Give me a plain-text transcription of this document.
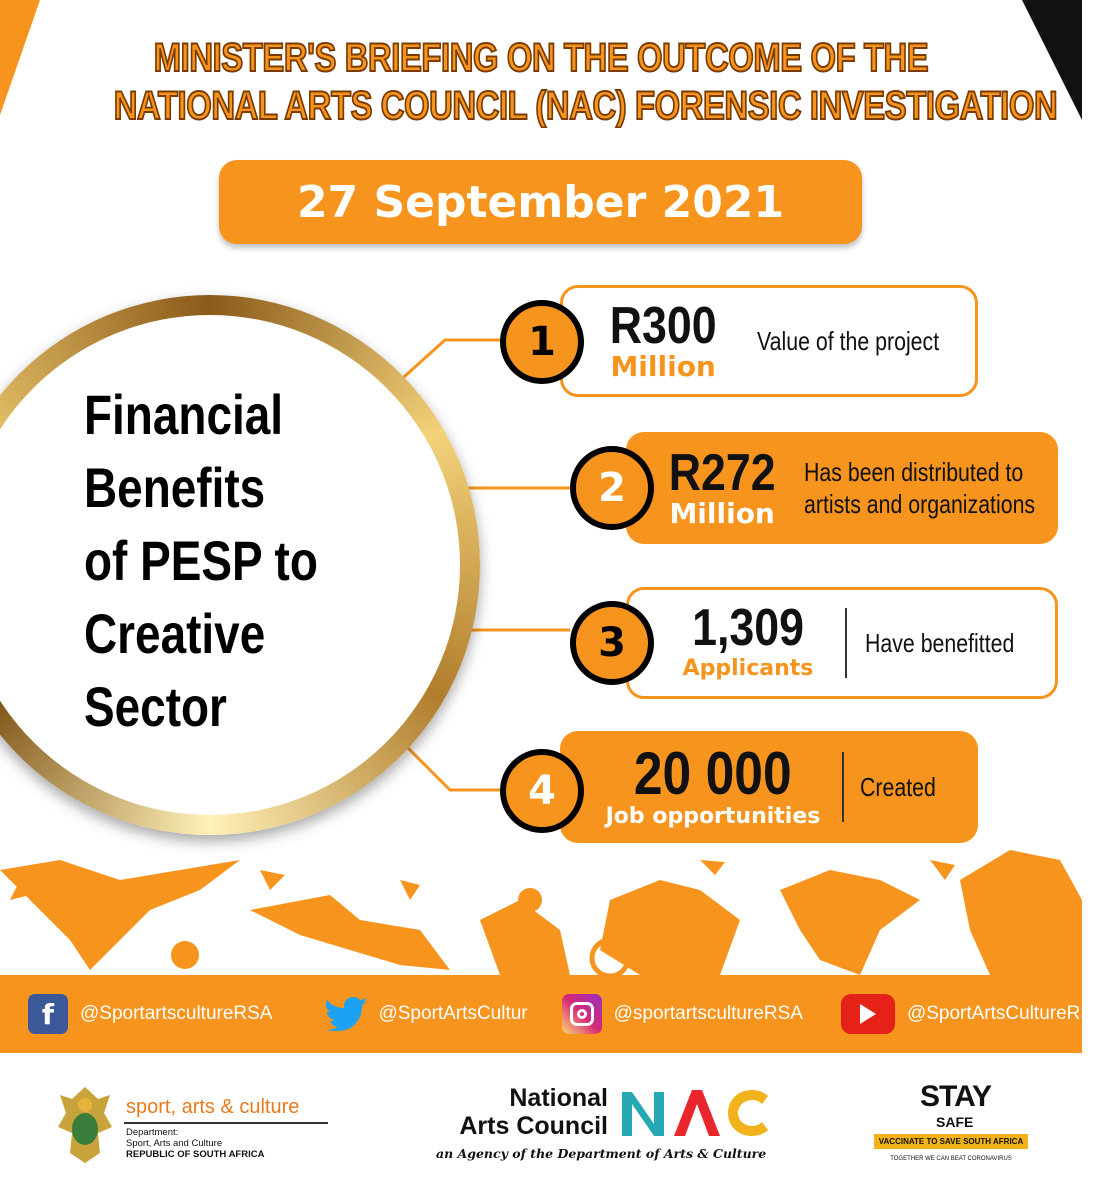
MINISTER'S BRIEFING ON THE OUTCOME OF THE
NATIONAL ARTS COUNCIL (NAC) FORENSIC INVESTIGATION
27 September 2021
Financial
Benefits
of PESP to
Creative
Sector
R300
Million
Value of the project
1
R272
Million
Has been distributed to
artists and organizations
2
1,309
Applicants
Have benefitted
3
20 000
Job opportunities
Created
4
f	@SportartscultureRSA	@SportArtsCultur	@sportartscultureRSA	@SportArtsCultureRSA
sport, arts & culture
Department:
Sport, Arts and Culture
REPUBLIC OF SOUTH AFRICA
National
Arts Council
an Agency of the Department of Arts & Culture
STAY
SAFE
VACCINATE TO SAVE SOUTH AFRICA
TOGETHER WE CAN BEAT CORONAVIRUS
